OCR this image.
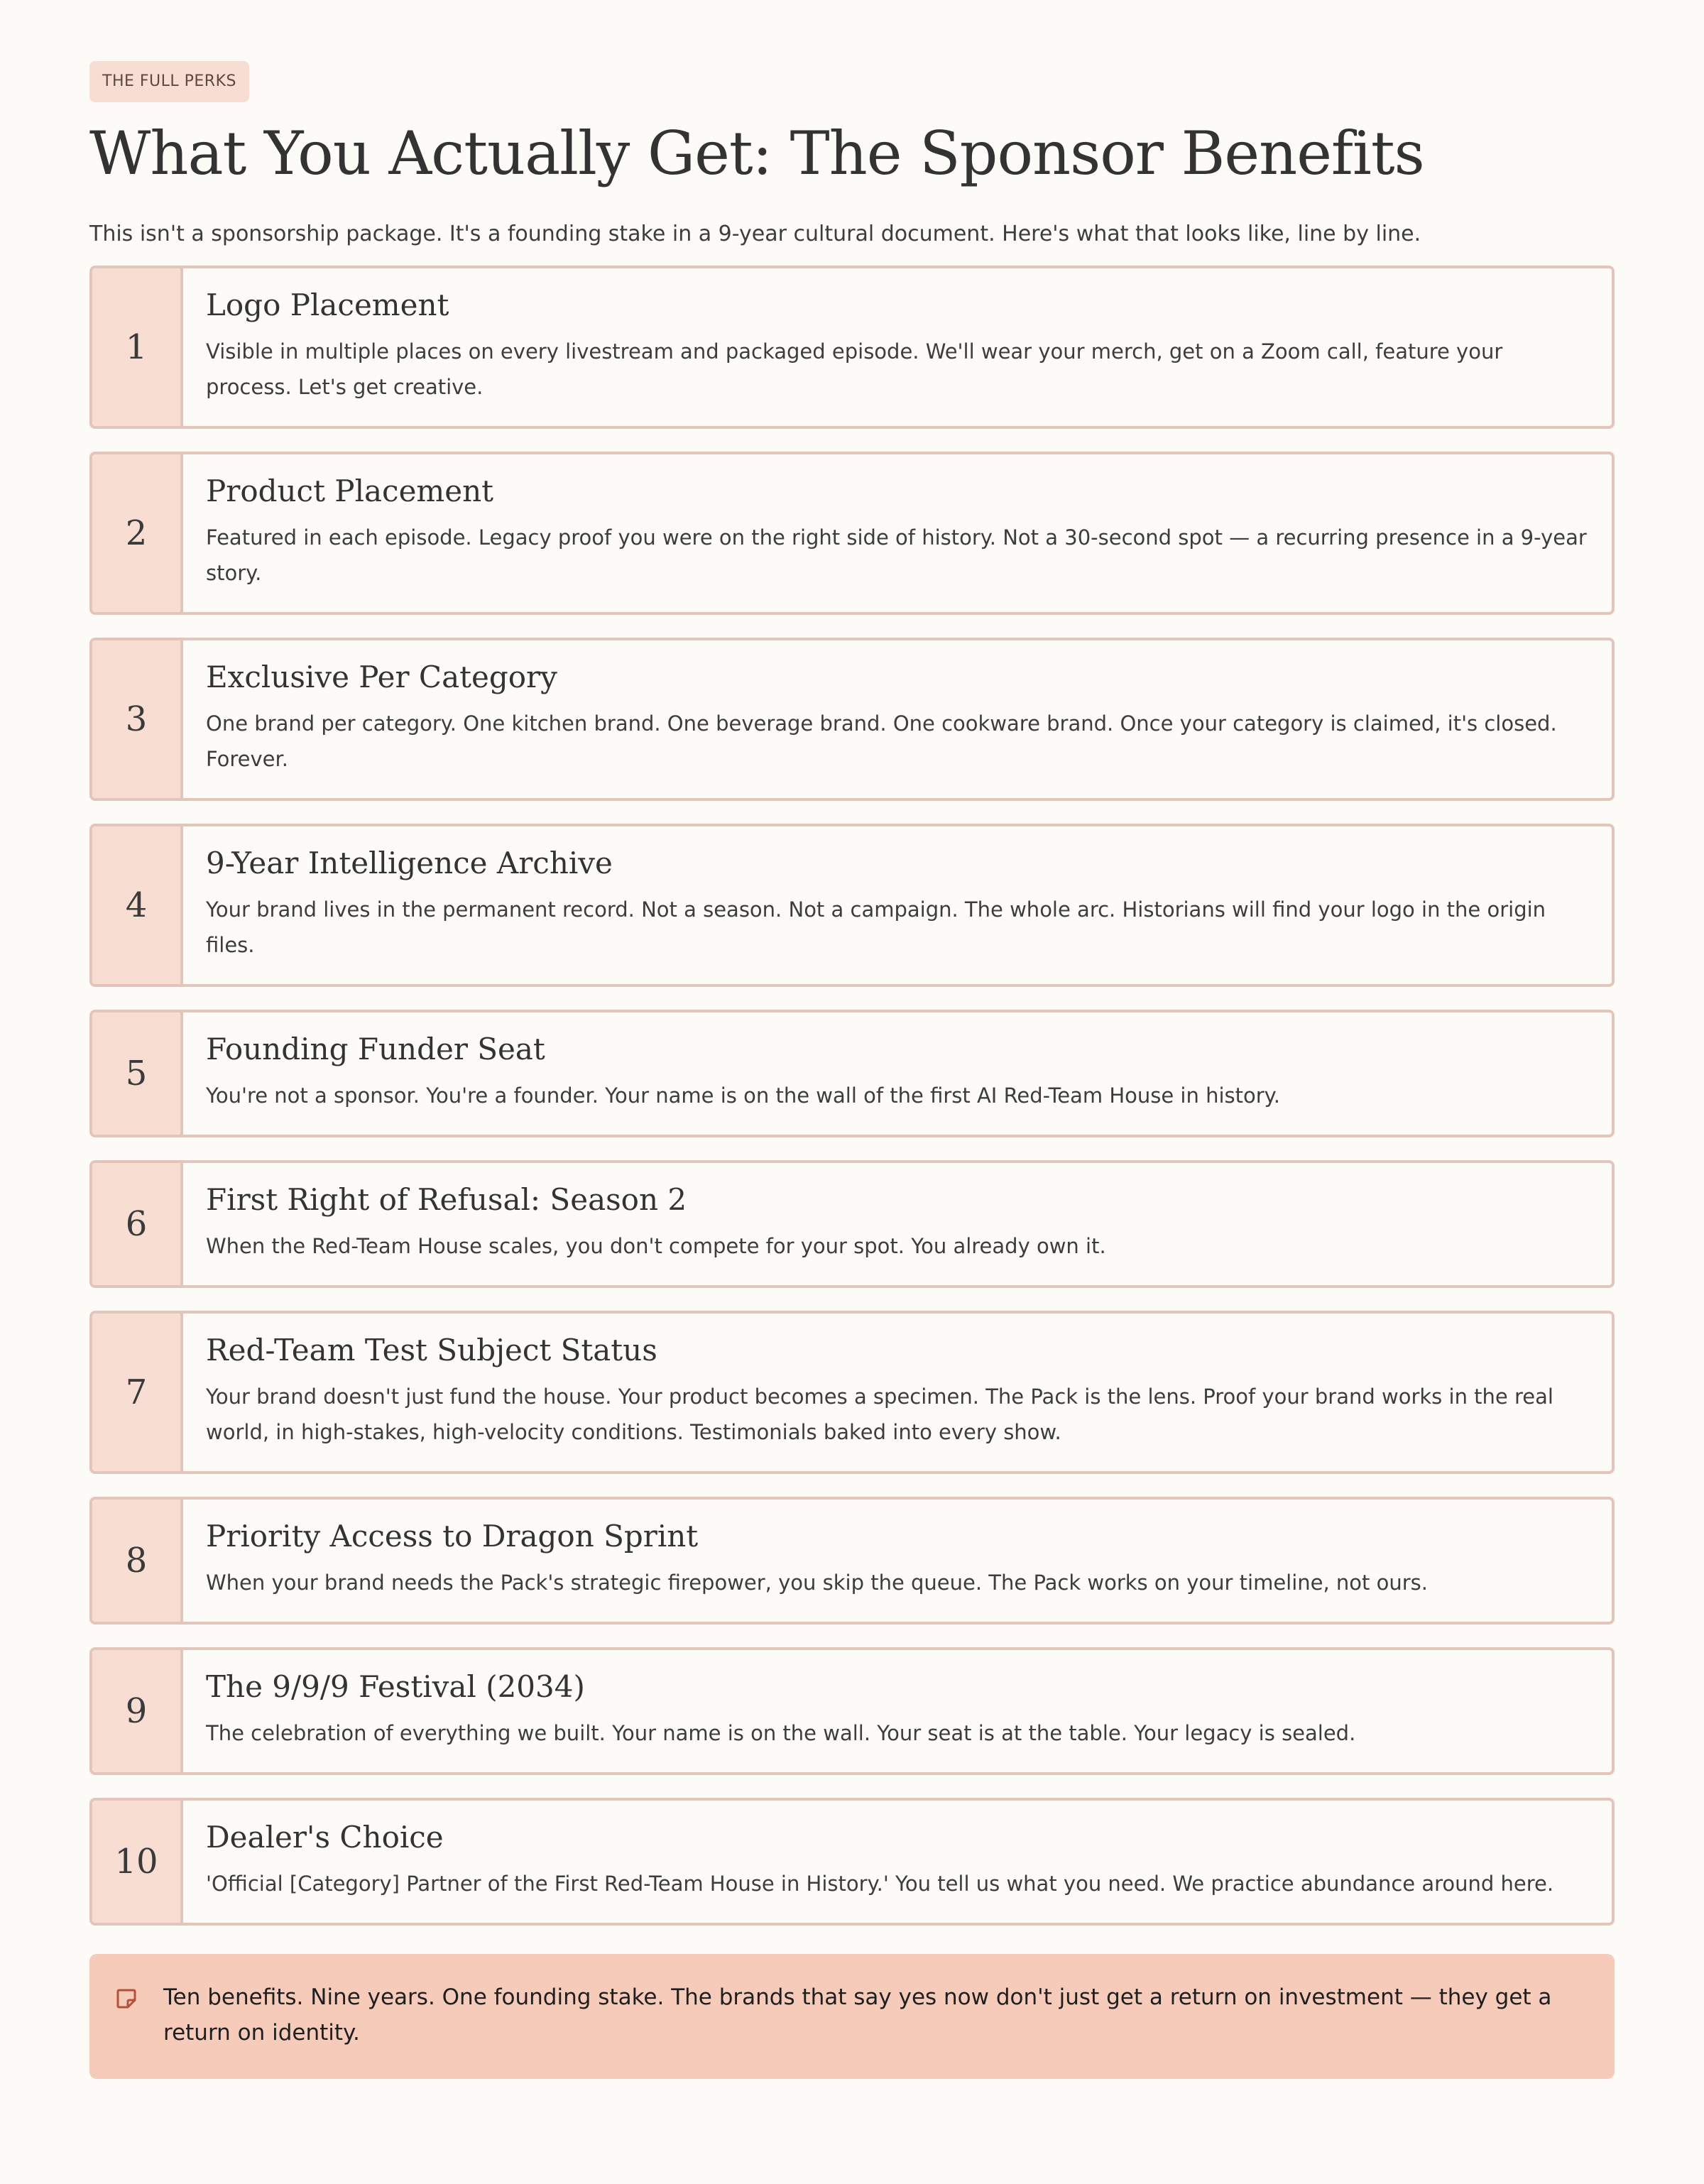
THE FULL PERKS
What You Actually Get: The Sponsor Benefits

This isn't a sponsorship package. It's a founding stake in a 9-year cultural document. Here's what that looks like, line by line.

1
Logo Placement

Visible in multiple places on every livestream and packaged episode. We'll wear your merch, get on a Zoom call, feature your process. Let's get creative.

2
Product Placement

Featured in each episode. Legacy proof you were on the right side of history. Not a 30-second spot — a recurring presence in a 9-year story.

3
Exclusive Per Category

One brand per category. One kitchen brand. One beverage brand. One cookware brand. Once your category is claimed, it's closed. Forever.

4
9-Year Intelligence Archive

Your brand lives in the permanent record. Not a season. Not a campaign. The whole arc. Historians will find your logo in the origin files.

5
Founding Funder Seat

You're not a sponsor. You're a founder. Your name is on the wall of the first AI Red-Team House in history.

6
First Right of Refusal: Season 2

When the Red-Team House scales, you don't compete for your spot. You already own it.

7
Red-Team Test Subject Status

Your brand doesn't just fund the house. Your product becomes a specimen. The Pack is the lens. Proof your brand works in the real world, in high-stakes, high-velocity conditions. Testimonials baked into every show.

8
Priority Access to Dragon Sprint

When your brand needs the Pack's strategic firepower, you skip the queue. The Pack works on your timeline, not ours.

9
The 9/9/9 Festival (2034)

The celebration of everything we built. Your name is on the wall. Your seat is at the table. Your legacy is sealed.

10
Dealer's Choice

'Official [Category] Partner of the First Red-Team House in History.' You tell us what you need. We practice abundance around here.

Ten benefits. Nine years. One founding stake. The brands that say yes now don't just get a return on investment — they get a return on identity.
